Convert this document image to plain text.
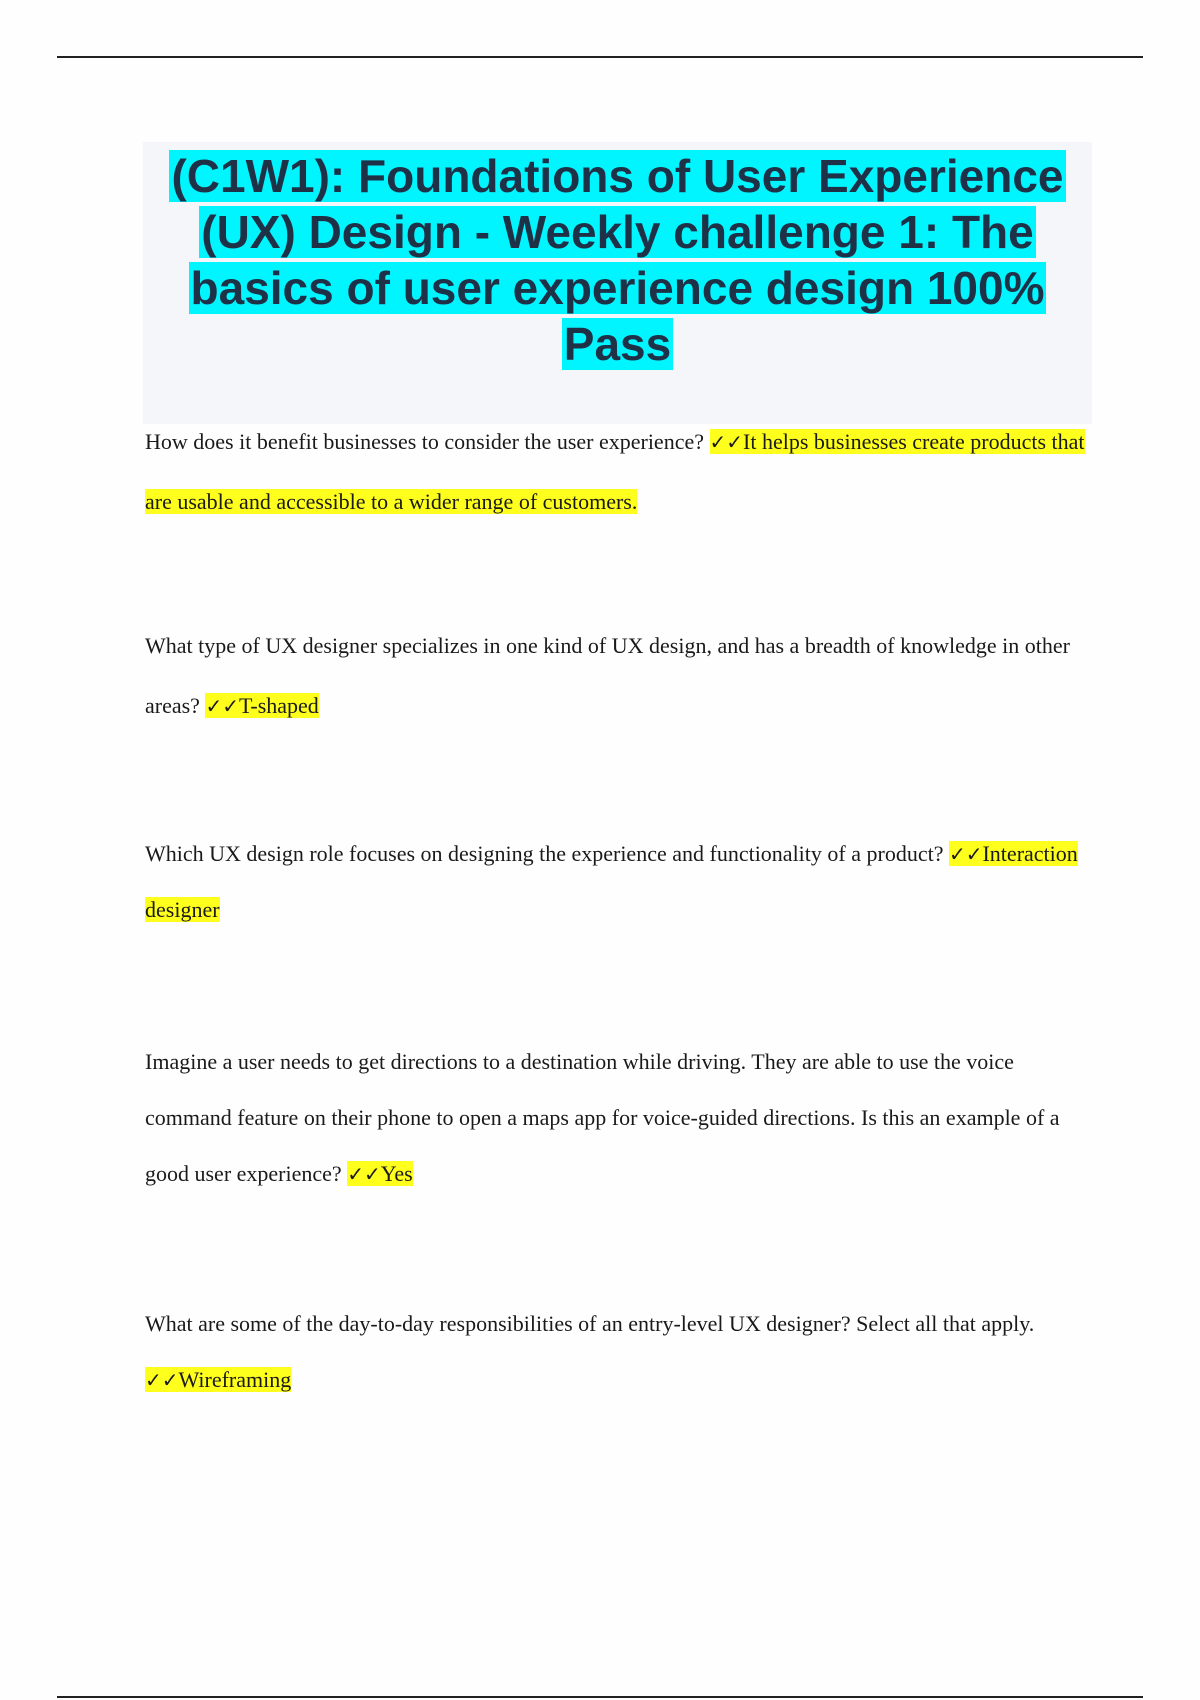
(C1W1): Foundations of User Experience (UX) Design - Weekly challenge 1: The basics of user experience design 100% Pass

How does it benefit businesses to consider the user experience? ✓✓It helps businesses create products that are usable and accessible to a wider range of customers.

What type of UX designer specializes in one kind of UX design, and has a breadth of knowledge in other areas? ✓✓T-shaped

Which UX design role focuses on designing the experience and functionality of a product? ✓✓Interaction designer

Imagine a user needs to get directions to a destination while driving. They are able to use the voice command feature on their phone to open a maps app for voice-guided directions. Is this an example of a good user experience? ✓✓Yes

What are some of the day-to-day responsibilities of an entry-level UX designer? Select all that apply. ✓✓Wireframing
